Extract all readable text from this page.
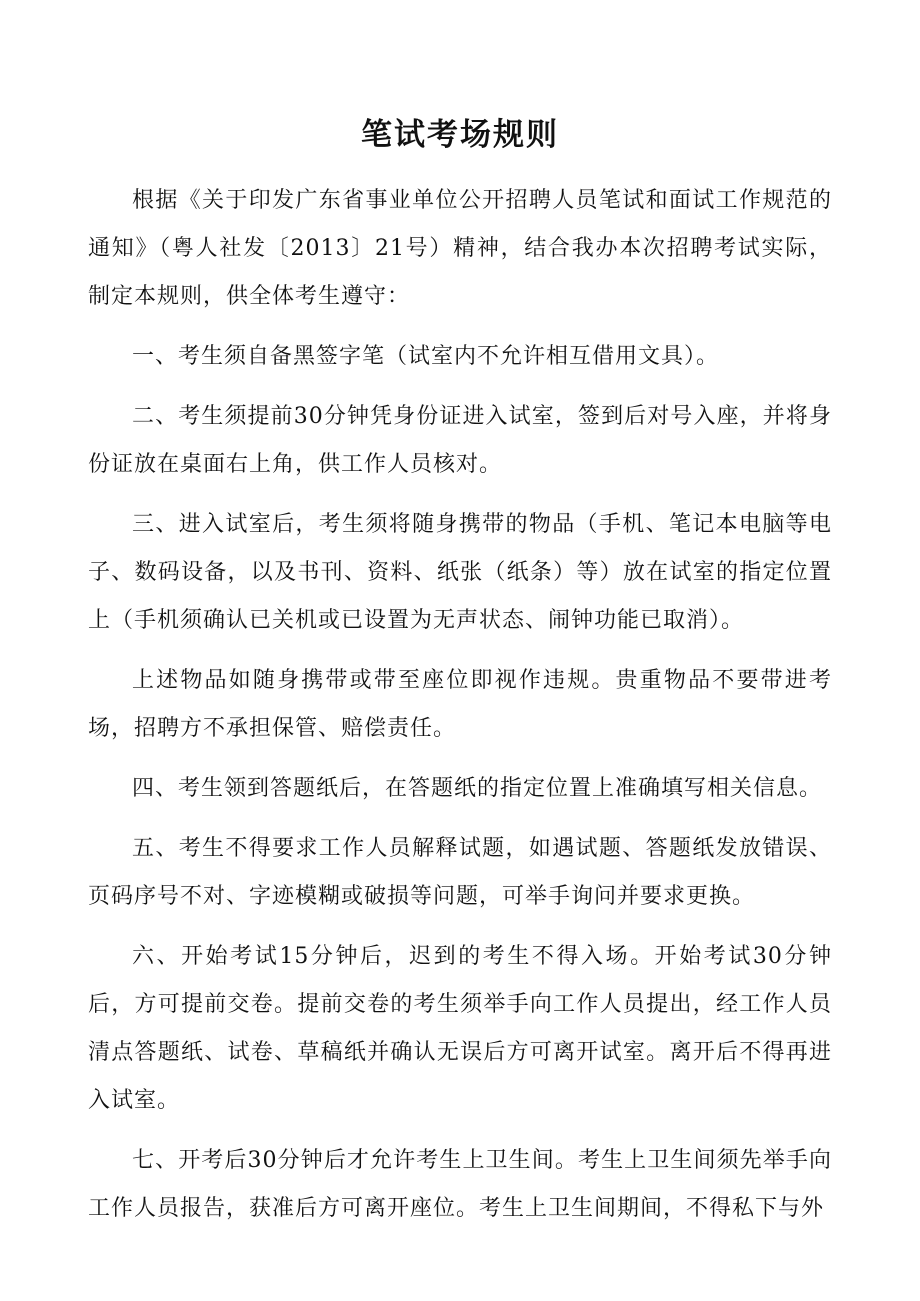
笔试考场规则

根据《关于印发广东省事业单位公开招聘人员笔试和面试工作规范的通知》（粤人社发〔2013〕21号）精神，结合我办本次招聘考试实际，制定本规则，供全体考生遵守：

一、考生须自备黑签字笔（试室内不允许相互借用文具）。

二、考生须提前30分钟凭身份证进入试室，签到后对号入座，并将身份证放在桌面右上角，供工作人员核对。

三、进入试室后，考生须将随身携带的物品（手机、笔记本电脑等电子、数码设备，以及书刊、资料、纸张（纸条）等）放在试室的指定位置上（手机须确认已关机或已设置为无声状态、闹钟功能已取消）。

上述物品如随身携带或带至座位即视作违规。贵重物品不要带进考场，招聘方不承担保管、赔偿责任。

四、考生领到答题纸后，在答题纸的指定位置上准确填写相关信息。

五、考生不得要求工作人员解释试题，如遇试题、答题纸发放错误、页码序号不对、字迹模糊或破损等问题，可举手询问并要求更换。

六、开始考试15分钟后，迟到的考生不得入场。开始考试30分钟后，方可提前交卷。提前交卷的考生须举手向工作人员提出，经工作人员清点答题纸、试卷、草稿纸并确认无误后方可离开试室。离开后不得再进入试室。

七、开考后30分钟后才允许考生上卫生间。考生上卫生间须先举手向工作人员报告，获准后方可离开座位。考生上卫生间期间，不得私下与外
